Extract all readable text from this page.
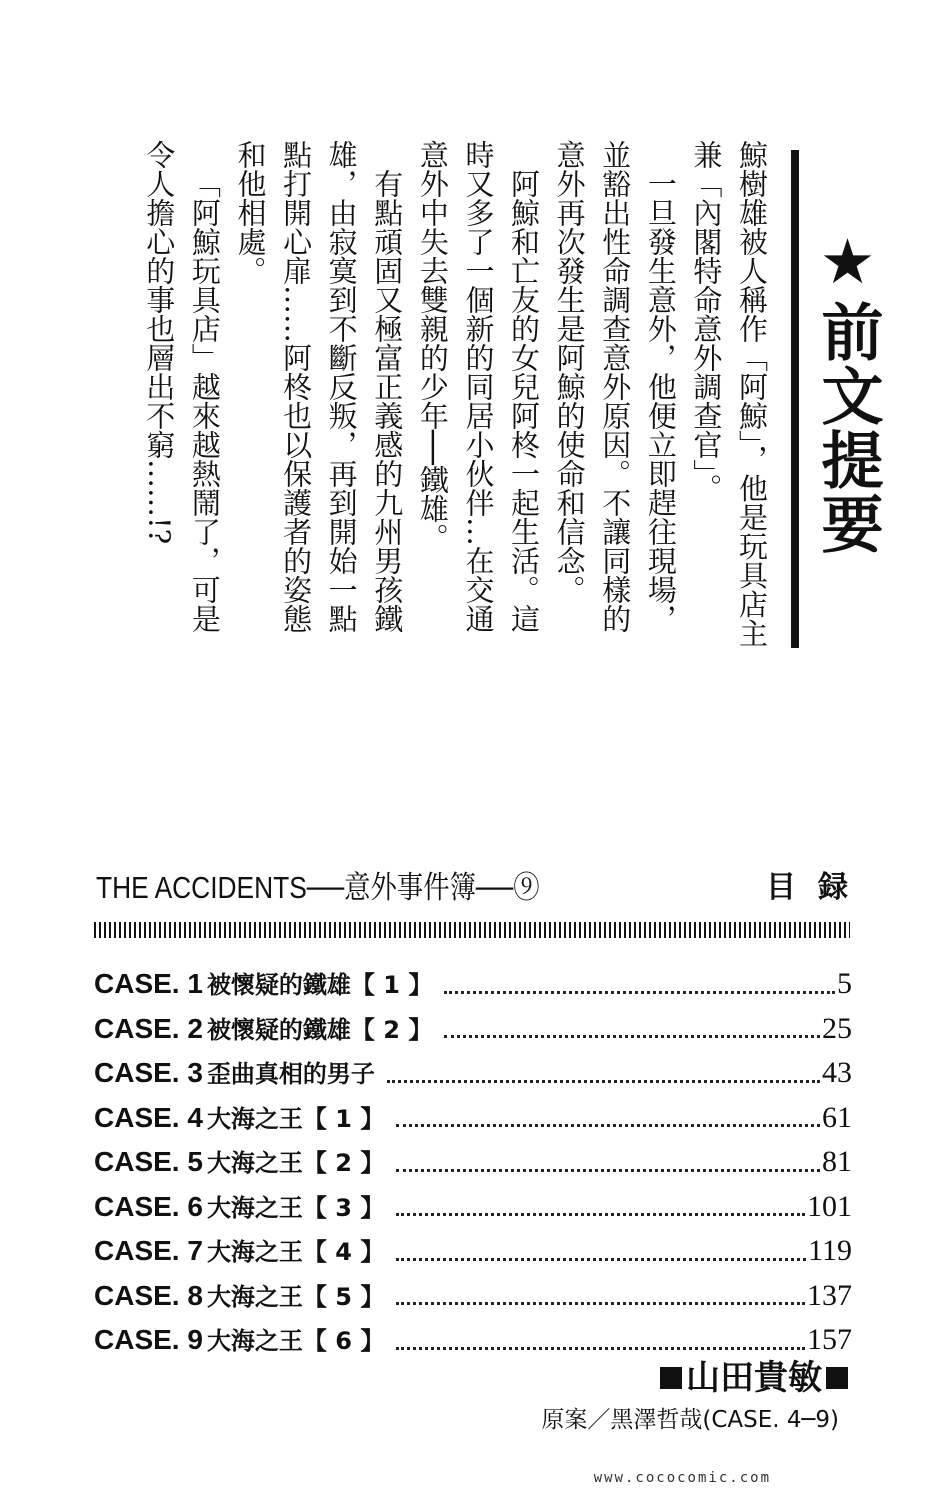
★前文提要

鯨樹雄被人稱作「阿鯨」，他是玩具店主兼「內閣特命意外調查官」。

一旦發生意外，他便立即趕往現場，並豁出性命調查意外原因。不讓同樣的意外再次發生是阿鯨的使命和信念。

阿鯨和亡友的女兒阿柊一起生活。這時又多了一個新的同居小伙伴…在交通意外中失去雙親的少年──鐵雄。

有點頑固又極富正義感的九州男孩鐵雄，由寂寞到不斷反叛，再到開始一點點打開心扉……阿柊也以保護者的姿態和他相處。

「阿鯨玩具店」越來越熱鬧了，可是令人擔心的事也層出不窮……!?

THE ACCIDENTS──意外事件簿──⑨	目録
CASE. 1 被懷疑的鐵雄【 1 】	5
CASE. 2 被懷疑的鐵雄【 2 】	25
CASE. 3 歪曲真相的男子	43
CASE. 4 大海之王【 1 】	61
CASE. 5 大海之王【 2 】	81
CASE. 6 大海之王【 3 】	101
CASE. 7 大海之王【 4 】	119
CASE. 8 大海之王【 5 】	137
CASE. 9 大海之王【 6 】	157
山田貴敏
原案／黑澤哲哉(CASE. 4─9)
www.cococomic.com
